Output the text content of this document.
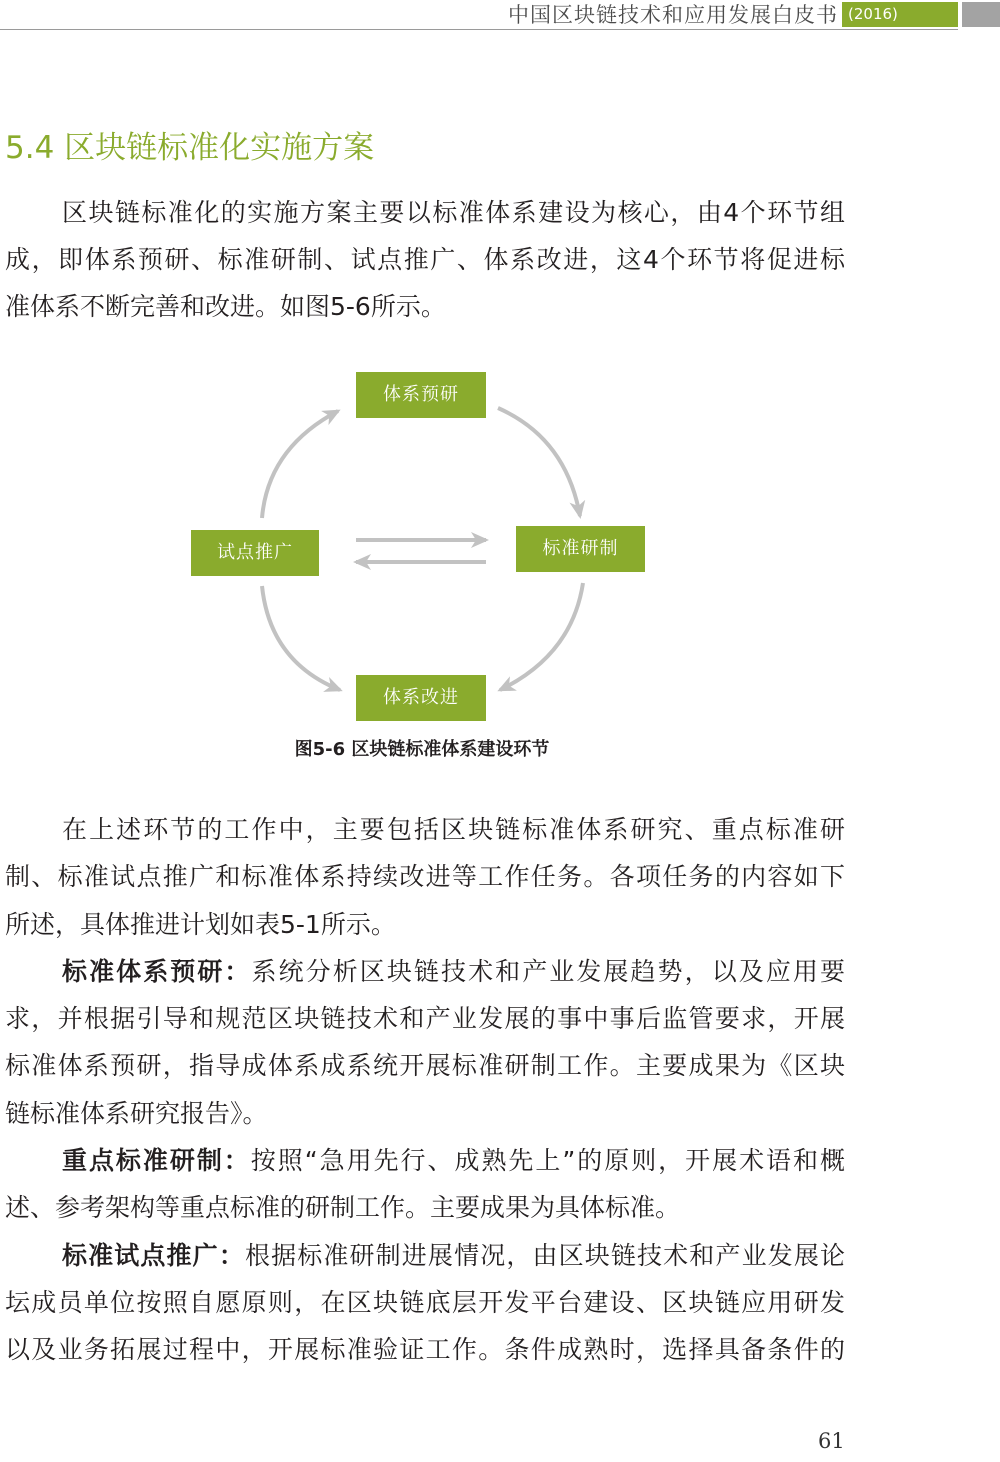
中国区块链技术和应用发展白皮书 (2016)
5.4 区块链标准化实施方案
区块链标准化的实施方案主要以标准体系建设为核心，由4个环节组
成，即体系预研、标准研制、试点推广、体系改进，这4个环节将促进标
准体系不断完善和改进。如图5-6所示。
体系预研
试点推广	标准研制
体系改进
图5-6 区块链标准体系建设环节
在上述环节的工作中，主要包括区块链标准体系研究、重点标准研
制、标准试点推广和标准体系持续改进等工作任务。各项任务的内容如下
所述，具体推进计划如表5-1所示。
标准体系预研：系统分析区块链技术和产业发展趋势，以及应用要
求，并根据引导和规范区块链技术和产业发展的事中事后监管要求，开展
标准体系预研，指导成体系成系统开展标准研制工作。主要成果为《区块
链标准体系研究报告》。
重点标准研制：按照“急用先行、成熟先上”的原则，开展术语和概
述、参考架构等重点标准的研制工作。主要成果为具体标准。
标准试点推广：根据标准研制进展情况，由区块链技术和产业发展论
坛成员单位按照自愿原则，在区块链底层开发平台建设、区块链应用研发
以及业务拓展过程中，开展标准验证工作。条件成熟时，选择具备条件的
61
